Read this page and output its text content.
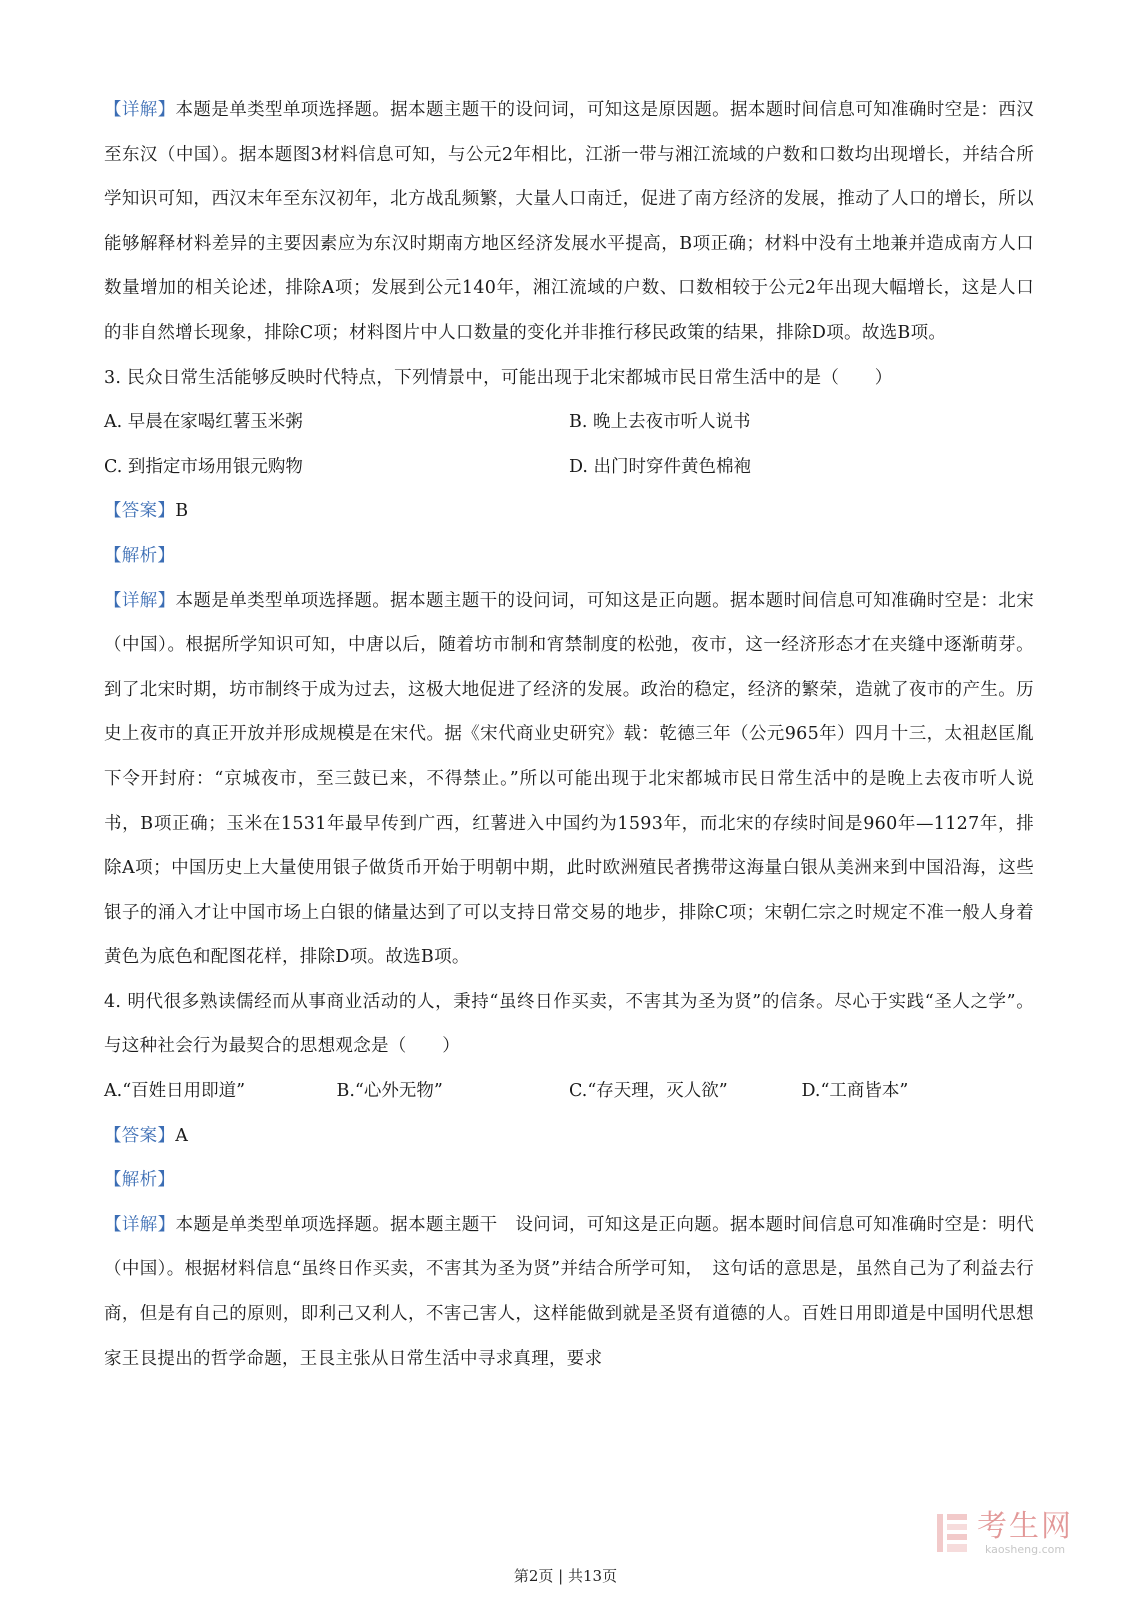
【详解】本题是单类型单项选择题。据本题主题干的设问词，可知这是原因题。据本题时间信息可知准确时空是：西汉至东汉（中国）。据本题图3材料信息可知，与公元2年相比，江浙一带与湘江流域的户数和口数均出现增长，并结合所学知识可知，西汉末年至东汉初年，北方战乱频繁，大量人口南迁，促进了南方经济的发展，推动了人口的增长，所以能够解释材料差异的主要因素应为东汉时期南方地区经济发展水平提高，B项正确；材料中没有土地兼并造成南方人口数量增加的相关论述，排除A项；发展到公元140年，湘江流域的户数、口数相较于公元2年出现大幅增长，这是人口的非自然增长现象，排除C项；材料图片中人口数量的变化并非推行移民政策的结果，排除D项。故选B项。

3. 民众日常生活能够反映时代特点，下列情景中，可能出现于北宋都城市民日常生活中的是（　　）

A. 早晨在家喝红薯玉米粥	B. 晚上去夜市听人说书
C. 到指定市场用银元购物	D. 出门时穿件黄色棉袍

【答案】B

【解析】

【详解】本题是单类型单项选择题。据本题主题干的设问词，可知这是正向题。据本题时间信息可知准确时空是：北宋（中国）。根据所学知识可知，中唐以后，随着坊市制和宵禁制度的松弛，夜市，这一经济形态才在夹缝中逐渐萌芽。到了北宋时期，坊市制终于成为过去，这极大地促进了经济的发展。政治的稳定，经济的繁荣，造就了夜市的产生。历史上夜市的真正开放并形成规模是在宋代。据《宋代商业史研究》载：乾德三年（公元965年）四月十三，太祖赵匡胤下令开封府：“京城夜市，至三鼓已来，不得禁止。”所以可能出现于北宋都城市民日常生活中的是晚上去夜市听人说书，B项正确；玉米在1531年最早传到广西，红薯进入中国约为1593年，而北宋的存续时间是960年—1127年，排除A项；中国历史上大量使用银子做货币开始于明朝中期，此时欧洲殖民者携带这海量白银从美洲来到中国沿海，这些银子的涌入才让中国市场上白银的储量达到了可以支持日常交易的地步，排除C项；宋朝仁宗之时规定不准一般人身着黄色为底色和配图花样，排除D项。故选B项。

4. 明代很多熟读儒经而从事商业活动的人，秉持“虽终日作买卖，不害其为圣为贤”的信条。尽心于实践“圣人之学”。与这种社会行为最契合的思想观念是（　　）

A.“百姓日用即道”	B.“心外无物”	C.“存天理，灭人欲”	D.“工商皆本”

【答案】A

【解析】

【详解】本题是单类型单项选择题。据本题主题干　设问词，可知这是正向题。据本题时间信息可知准确时空是：明代（中国）。根据材料信息“虽终日作买卖，不害其为圣为贤”并结合所学可知，　这句话的意思是，虽然自己为了利益去行商，但是有自己的原则，即利己又利人，不害己害人，这样能做到就是圣贤有道德的人。百姓日用即道是中国明代思想家王艮提出的哲学命题，王艮主张从日常生活中寻求真理，要求

考生网
kaosheng.com
第2页 | 共13页
